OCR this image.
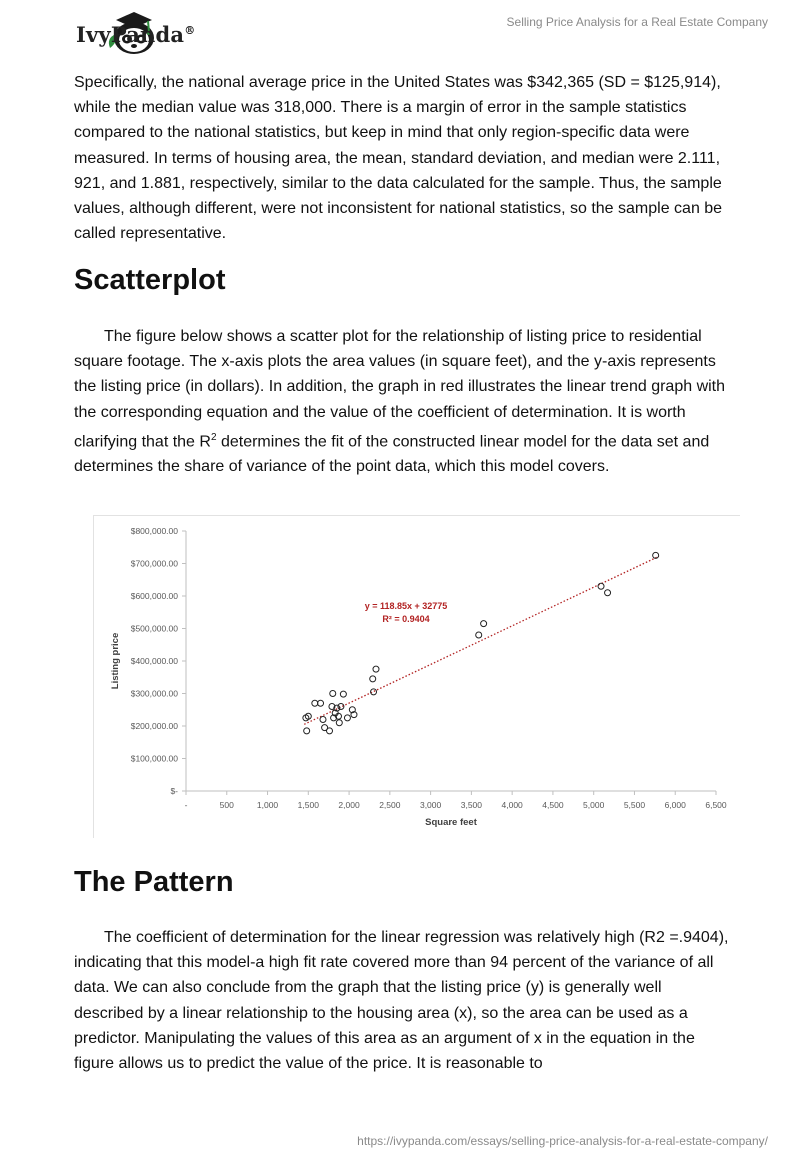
IvyPanda®
Selling Price Analysis for a Real Estate Company

Specifically, the national average price in the United States was $342,365 (SD = $125,914), while the median value was 318,000. There is a margin of error in the sample statistics compared to the national statistics, but keep in mind that only region-specific data were measured. In terms of housing area, the mean, standard deviation, and median were 2.111, 921, and 1.881, respectively, similar to the data calculated for the sample. Thus, the sample values, although different, were not inconsistent for national statistics, so the sample can be called representative.

Scatterplot

The figure below shows a scatter plot for the relationship of listing price to residential square footage. The x-axis plots the area values (in square feet), and the y-axis represents the listing price (in dollars). In addition, the graph in red illustrates the linear trend graph with the corresponding equation and the value of the coefficient of determination. It is worth clarifying that the $R^2$ determines the fit of the constructed linear model for the data set and determines the share of variance of the point data, which this model covers.

$-
$100,000.00
$200,000.00
$300,000.00
$400,000.00
$500,000.00
$600,000.00
$700,000.00
$800,000.00
-	500	1,000 1,500 2,000 2,500 3,000 3,500 4,000 4,500 5,000 5,500 6,000 6,500
Square feet
Listing price
y = 118.85x + 32775
R² = 0.9404
The Pattern

The coefficient of determination for the linear regression was relatively high (R2 =.9404), indicating that this model-a high fit rate covered more than 94 percent of the variance of all data. We can also conclude from the graph that the listing price (y) is generally well described by a linear relationship to the housing area (x), so the area can be used as a predictor. Manipulating the values of this area as an argument of x in the equation in the figure allows us to predict the value of the price. It is reasonable to

https://ivypanda.com/essays/selling-price-analysis-for-a-real-estate-company/
